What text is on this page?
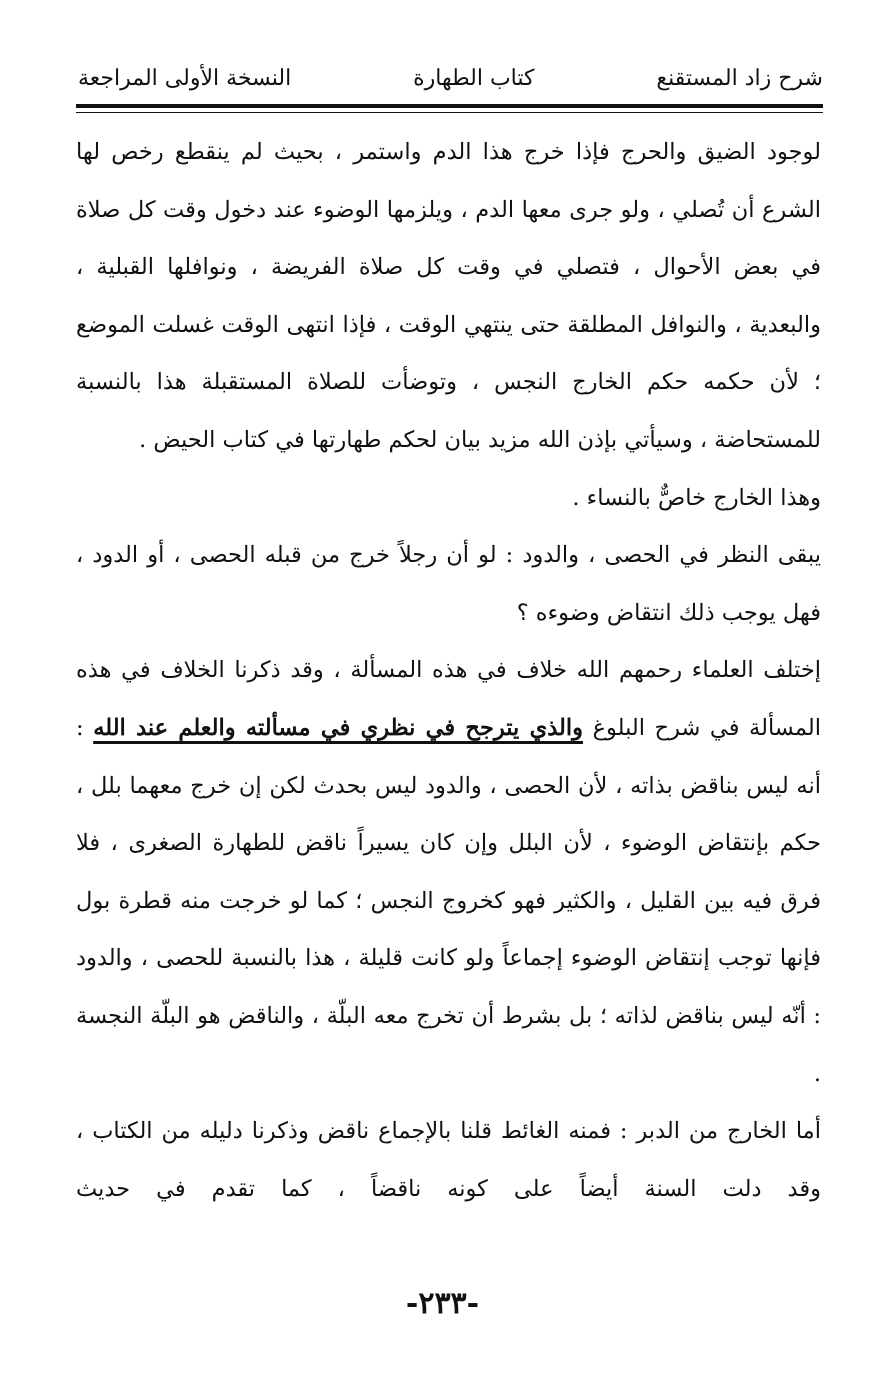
شرح زاد المستقنع
كتاب الطهارة
النسخة الأولى المراجعة

لوجود الضيق والحرج فإذا خرج هذا الدم واستمر ، بحيث لم ينقطع رخص لها الشرع أن تُصلي ، ولو جرى معها الدم ، ويلزمها الوضوء عند دخول وقت كل صلاة في بعض الأحوال ، فتصلي في وقت كل صلاة الفريضة ، ونوافلها القبلية ، والبعدية ، والنوافل المطلقة حتى ينتهي الوقت ، فإذا انتهى الوقت غسلت الموضع ؛ لأن حكمه حكم الخارج النجس ، وتوضأت للصلاة المستقبلة هذا بالنسبة للمستحاضة ، وسيأتي بإذن الله مزيد بيان لحكم طهارتها في كتاب الحيض .

وهذا الخارج خاصٌّ بالنساء .

يبقى النظر في الحصى ، والدود : لو أن رجلاً خرج من قبله الحصى ، أو الدود ، فهل يوجب ذلك انتقاض وضوءه ؟

إختلف العلماء رحمهم الله خلاف في هذه المسألة ، وقد ذكرنا الخلاف في هذه المسألة في شرح البلوغ والذي يترجح في نظري في مسألته والعلم عند الله : أنه ليس بناقض بذاته ، لأن الحصى ، والدود ليس بحدث لكن إن خرج معهما بلل ، حكم بإنتقاض الوضوء ، لأن البلل وإن كان يسيراً ناقض للطهارة الصغرى ، فلا فرق فيه بين القليل ، والكثير فهو كخروج النجس ؛ كما لو خرجت منه قطرة بول فإنها توجب إنتقاض الوضوء إجماعاً ولو كانت قليلة ، هذا بالنسبة للحصى ، والدود : أنّه ليس بناقض لذاته ؛ بل بشرط أن تخرج معه البلّة ، والناقض هو البلّة النجسة .

أما الخارج من الدبر : فمنه الغائط قلنا بالإجماع ناقض وذكرنا دليله من الكتاب ، وقد دلت السنة أيضاً على كونه ناقضاً ، كما تقدم في حديث

-٢٣٣-
